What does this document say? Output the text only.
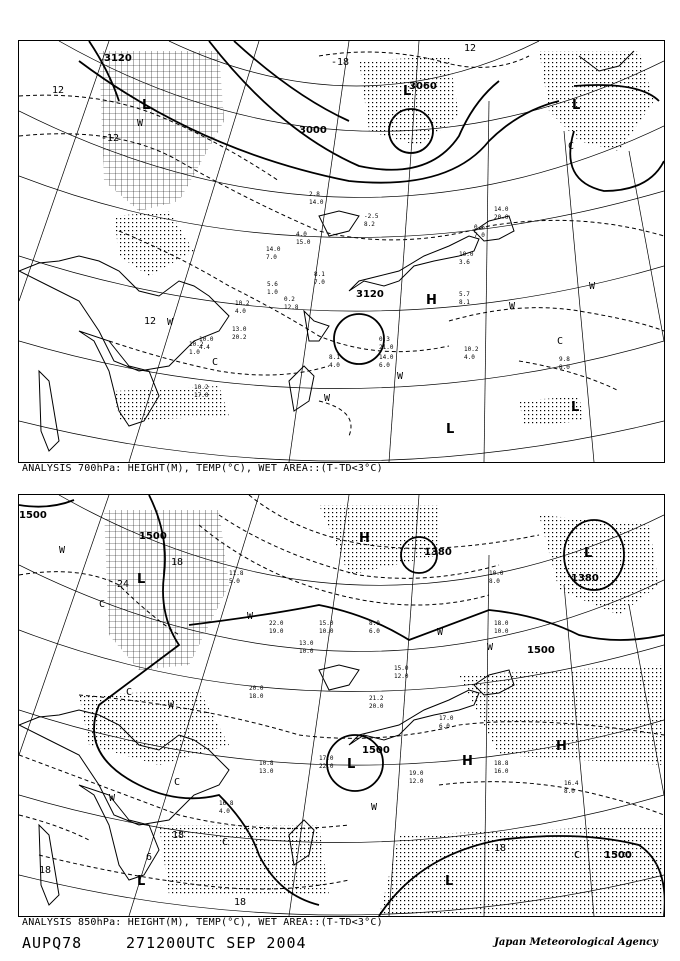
2.8
14.0
-2.5
8.2
4.0
15.0
14.0
7.0
0.6
7.0
14.0
20.0
10.0
3.6
8.1
7.0
0.2
12.8
5.6
1.0
0.3
21.0
14.0
6.0
5.7
8.1
10.2
4.0	9.8
8.0
10.0
4.4
10.2
4.0
13.0
20.2
10.2
1.0
8.1
4.0
10.2
17.0
3120
3060
3000
3120
12
-12
12
12
-18
L
L
L
H
L
L
C
C
C
W
W
W
W
W
W
ANALYSIS 700hPa: HEIGHT(M), TEMP(°C), WET AREA::(T-TD<3°C)
11.8
5.0
22.0
19.0
13.0
10.0
15.0
10.0
8.0
6.0
15.0
12.0
21.2
20.0
17.0
6.0
10.0
8.0
18.0
10.0
18.8
16.0
16.4
8.0
19.0
12.0
10.8
13.0
16.8
4.0
20.0
18.0
17.0
22.0
1500
1500
1380
1380
1500
1500
1500
24
18
18
18
18
18
6
L
L
L
L	L
H
H
H
C
C
C
C
C
W
W
W
W
W
W
W
ANALYSIS 850hPa: HEIGHT(M), TEMP(°C), WET AREA::(T-TD<3°C)
AUPQ78	271200UTC SEP 2004	Japan Meteorological Agency
